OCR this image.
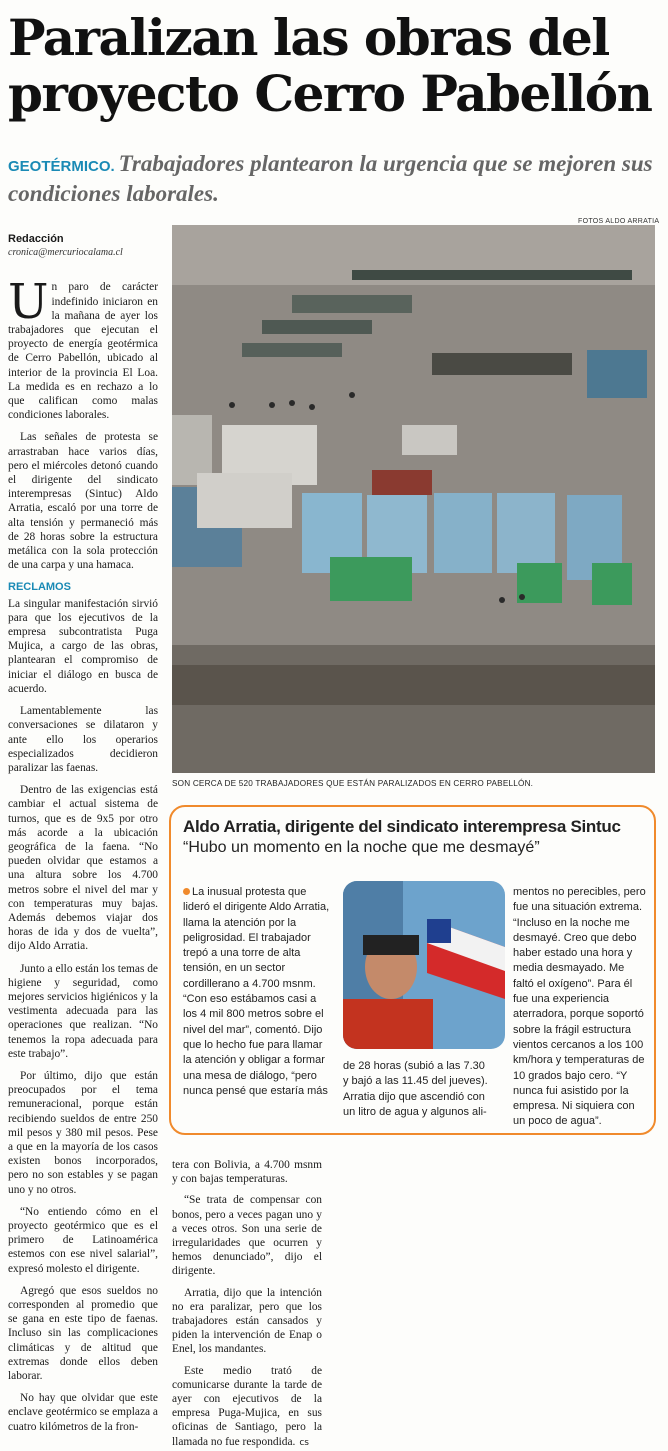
Paralizan las obras del proyecto Cerro Pabellón
GEOTÉRMICO. Trabajadores plantearon la urgencia que se mejoren sus condiciones laborales.
FOTOS ALDO ARRATIA
Redacción
cronica@mercuriocalama.cl

Un paro de carácter indefinido iniciaron en la mañana de ayer los trabajadores que ejecutan el proyecto de energía geotérmica de Cerro Pabellón, ubicado al interior de la provincia El Loa. La medida es en rechazo a lo que califican como malas condiciones laborales.

Las señales de protesta se arrastraban hace varios días, pero el miércoles detonó cuando el dirigente del sindicato interempresas (Sintuc) Aldo Arratia, escaló por una torre de alta tensión y permaneció más de 28 horas sobre la estructura metálica con la sola protección de una carpa y una hamaca.

RECLAMOS

La singular manifestación sirvió para que los ejecutivos de la empresa subcontratista Puga Mujica, a cargo de las obras, plantearan el compromiso de iniciar el diálogo en busca de acuerdo.

Lamentablemente las conversaciones se dilataron y ante ello los operarios especializados decidieron paralizar las faenas.

Dentro de las exigencias está cambiar el actual sistema de turnos, que es de 9x5 por otro más acorde a la ubicación geográfica de la faena. “No pueden olvidar que estamos a una altura sobre los 4.700 metros sobre el nivel del mar y con temperaturas muy bajas. Además debemos viajar dos horas de ida y dos de vuelta”, dijo Aldo Arratia.

Junto a ello están los temas de higiene y seguridad, como mejores servicios higiénicos y la vestimenta adecuada para las operaciones que realizan. “No tenemos la ropa adecuada para este trabajo”.

Por último, dijo que están preocupados por el tema remuneracional, porque están recibiendo sueldos de entre 250 mil pesos y 380 mil pesos. Pese a que en la mayoría de los casos existen bonos incorporados, pero no son estables y se pagan uno y no otros.

“No entiendo cómo en el proyecto geotérmico que es el primero de Latinoamérica estemos con ese nivel salarial”, expresó molesto el dirigente.

Agregó que esos sueldos no corresponden al promedio que se gana en este tipo de faenas. Incluso sin las complicaciones climáticas y de altitud que extremas donde ellos deben laborar.

No hay que olvidar que este enclave geotérmico se emplaza a cuatro kilómetros de la fron-

SON CERCA DE 520 TRABAJADORES QUE ESTÁN PARALIZADOS EN CERRO PABELLÓN.
Aldo Arratia, dirigente del sindicato interempresa Sintuc
“Hubo un momento en la noche que me desmayé”
La inusual protesta que lideró el dirigente Aldo Arratia, llama la atención por la peligrosidad. El trabajador trepó a una torre de alta tensión, en un sector cordillerano a 4.700 msnm. “Con eso estábamos casi a los 4 mil 800 metros sobre el nivel del mar”, comentó. Dijo que lo hecho fue para llamar la atención y obligar a formar una mesa de diálogo, “pero nunca pensé que estaría más
de 28 horas (subió a las 7.30 y bajó a las 11.45 del jueves). Arratia dijo que ascendió con un litro de agua y algunos ali-
mentos no perecibles, pero fue una situación extrema. “Incluso en la noche me desmayé. Creo que debo haber estado una hora y media desmayado. Me faltó el oxígeno”. Para él fue una experiencia aterradora, porque soportó sobre la frágil estructura vientos cercanos a los 100 km/hora y temperaturas de 10 grados bajo cero. “Y nunca fui asistido por la empresa. Ni siquiera con un poco de agua”.

tera con Bolivia, a 4.700 msnm y con bajas temperaturas.

“Se trata de compensar con bonos, pero a veces pagan uno y a veces otros. Son una serie de irregularidades que ocurren y hemos denunciado”, dijo el dirigente.

Arratia, dijo que la intención no era paralizar, pero que los trabajadores están cansados y piden la intervención de Enap o Enel, los mandantes.

Este medio trató de comunicarse durante la tarde de ayer con ejecutivos de la empresa Puga-Mujica, en sus oficinas de Santiago, pero la llamada no fue respondida. cs
